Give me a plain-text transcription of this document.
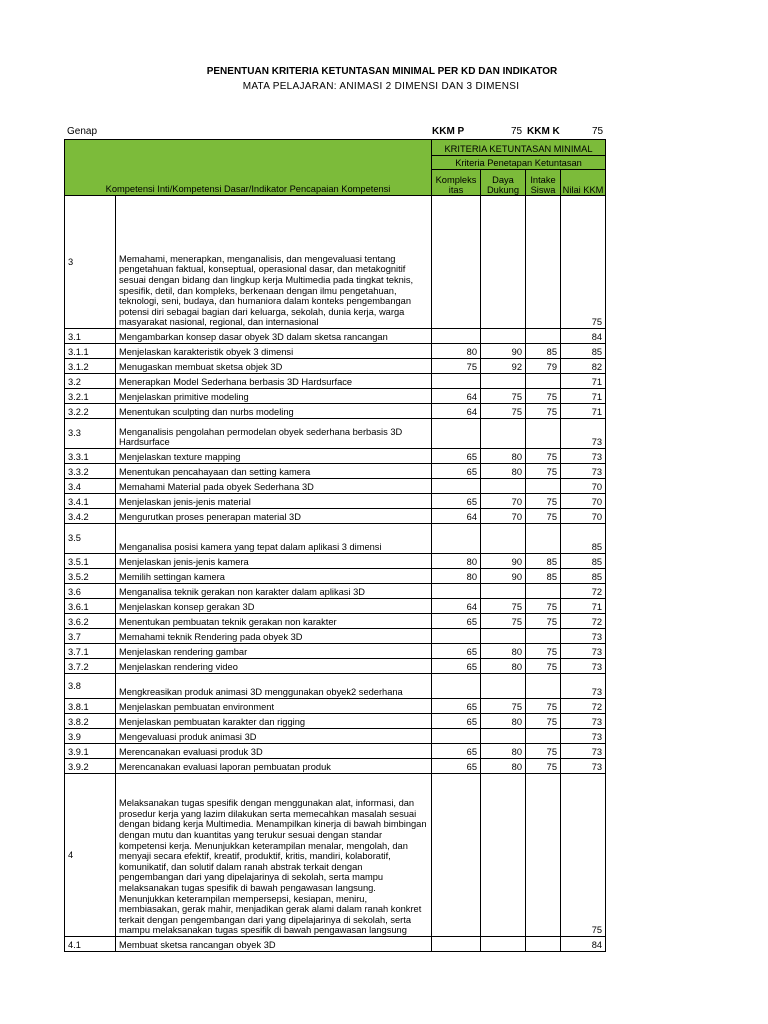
PENENTUAN KRITERIA KETUNTASAN MINIMAL PER KD DAN INDIKATOR
MATA PELAJARAN: ANIMASI 2 DIMENSI DAN 3 DIMENSI
Genap	KKM P	75 KKM K	75
Kompetensi Inti/Kompetensi Dasar/Indikator Pencapaian Kompetensi		KRITERIA KETUNTASAN MINIMAL			
		Kriteria Penetapan Ketuntasan			
		Kompleks itas	Daya Dukung	Intake Siswa	Nilai KKM
3	Memahami, menerapkan, menganalisis, dan mengevaluasi tentang pengetahuan faktual, konseptual, operasional dasar, dan metakognitif sesuai dengan bidang dan lingkup kerja Multimedia pada tingkat teknis, spesifik, detil, dan kompleks, berkenaan dengan ilmu pengetahuan, teknologi, seni, budaya, dan humaniora dalam konteks pengembangan potensi diri sebagai bagian dari keluarga, sekolah, dunia kerja, warga masyarakat nasional, regional, dan internasional				75
3.1	Mengambarkan konsep dasar obyek 3D dalam sketsa rancangan				84
3.1.1	Menjelaskan karakteristik obyek 3 dimensi	80	90	85	85
3.1.2	Menugaskan membuat sketsa objek 3D	75	92	79	82
3.2	Menerapkan Model Sederhana berbasis 3D Hardsurface				71
3.2.1	Menjelaskan primitive modeling	64	75	75	71
3.2.2	Menentukan sculpting dan nurbs modeling	64	75	75	71
3.3	Menganalisis pengolahan permodelan obyek sederhana berbasis 3D Hardsurface				73
3.3.1	Menjelaskan texture mapping	65	80	75	73
3.3.2	Menentukan pencahayaan dan setting kamera	65	80	75	73
3.4	Memahami Material pada obyek Sederhana 3D				70
3.4.1	Menjelaskan jenis-jenis material	65	70	75	70
3.4.2	Mengurutkan proses penerapan material 3D	64	70	75	70
3.5	Menganalisa posisi kamera yang tepat dalam aplikasi 3 dimensi				85
3.5.1	Menjelaskan jenis-jenis kamera	80	90	85	85
3.5.2	Memilih settingan kamera	80	90	85	85
3.6	Menganalisa teknik gerakan non karakter dalam aplikasi 3D				72
3.6.1	Menjelaskan konsep gerakan 3D	64	75	75	71
3.6.2	Menentukan pembuatan teknik gerakan non karakter	65	75	75	72
3.7	Memahami teknik Rendering pada obyek 3D				73
3.7.1	Menjelaskan rendering gambar	65	80	75	73
3.7.2	Menjelaskan rendering video	65	80	75	73
3.8	Mengkreasikan produk animasi 3D menggunakan obyek2 sederhana				73
3.8.1	Menjelaskan pembuatan environment	65	75	75	72
3.8.2	Menjelaskan pembuatan karakter dan rigging	65	80	75	73
3.9	Mengevaluasi produk animasi 3D				73
3.9.1	Merencanakan evaluasi produk 3D	65	80	75	73
3.9.2	Merencanakan evaluasi laporan pembuatan produk	65	80	75	73
4	Melaksanakan tugas spesifik dengan menggunakan alat, informasi, dan prosedur kerja yang lazim dilakukan serta memecahkan masalah sesuai dengan bidang kerja Multimedia. Menampilkan kinerja di bawah bimbingan dengan mutu dan kuantitas yang terukur sesuai dengan standar kompetensi kerja. Menunjukkan keterampilan menalar, mengolah, dan menyaji secara efektif, kreatif, produktif, kritis, mandiri, kolaboratif, komunikatif, dan solutif dalam ranah abstrak terkait dengan pengembangan dari yang dipelajarinya di sekolah, serta mampu melaksanakan tugas spesifik di bawah pengawasan langsung. Menunjukkan keterampilan mempersepsi, kesiapan, meniru, membiasakan, gerak mahir, menjadikan gerak alami dalam ranah konkret terkait dengan pengembangan dari yang dipelajarinya di sekolah, serta mampu melaksanakan tugas spesifik di bawah pengawasan langsung				75
4.1	Membuat sketsa rancangan obyek 3D				84
